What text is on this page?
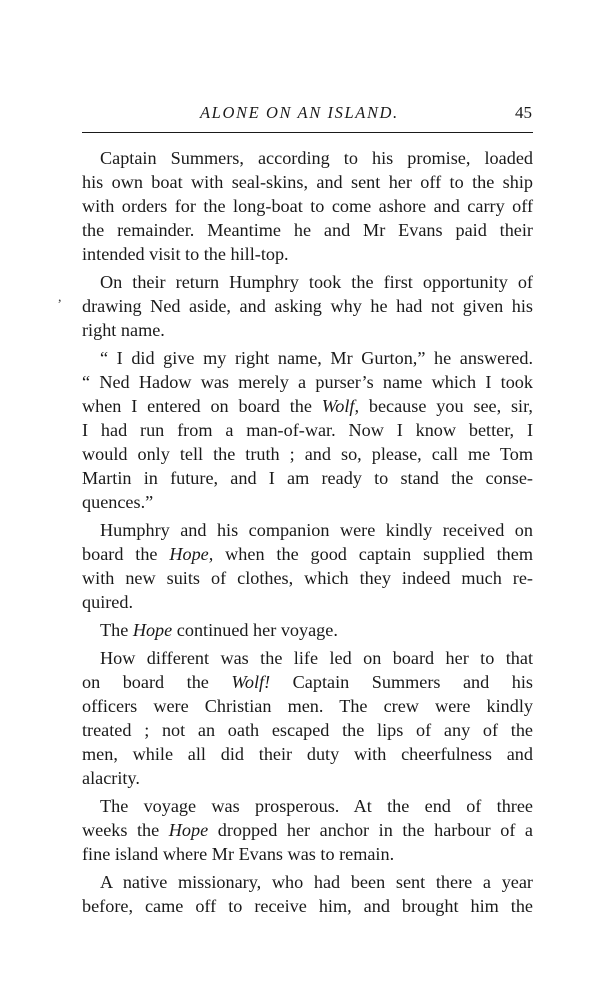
ALONE ON AN ISLAND.	45
,
Captain Summers, according to his promise, loaded
his own boat with seal-skins, and sent her off to the ship
with orders for the long-boat to come ashore and carry off
the remainder. Meantime he and Mr Evans paid their
intended visit to the hill-top.
On their return Humphry took the first opportunity of
drawing Ned aside, and asking why he had not given his
right name.
“ I did give my right name, Mr Gurton,” he answered.
“ Ned Hadow was merely a purser’s name which I took
when I entered on board the Wolf, because you see, sir,
I had run from a man-of-war. Now I know better, I
would only tell the truth ; and so, please, call me Tom
Martin in future, and I am ready to stand the conse-
quences.”
Humphry and his companion were kindly received on
board the Hope, when the good captain supplied them
with new suits of clothes, which they indeed much re-
quired.
The Hope continued her voyage.
How different was the life led on board her to that
on board the Wolf! Captain Summers and his
officers were Christian men. The crew were kindly
treated ; not an oath escaped the lips of any of the
men, while all did their duty with cheerfulness and
alacrity.
The voyage was prosperous. At the end of three
weeks the Hope dropped her anchor in the harbour of a
fine island where Mr Evans was to remain.
A native missionary, who had been sent there a year
before, came off to receive him, and brought him the
